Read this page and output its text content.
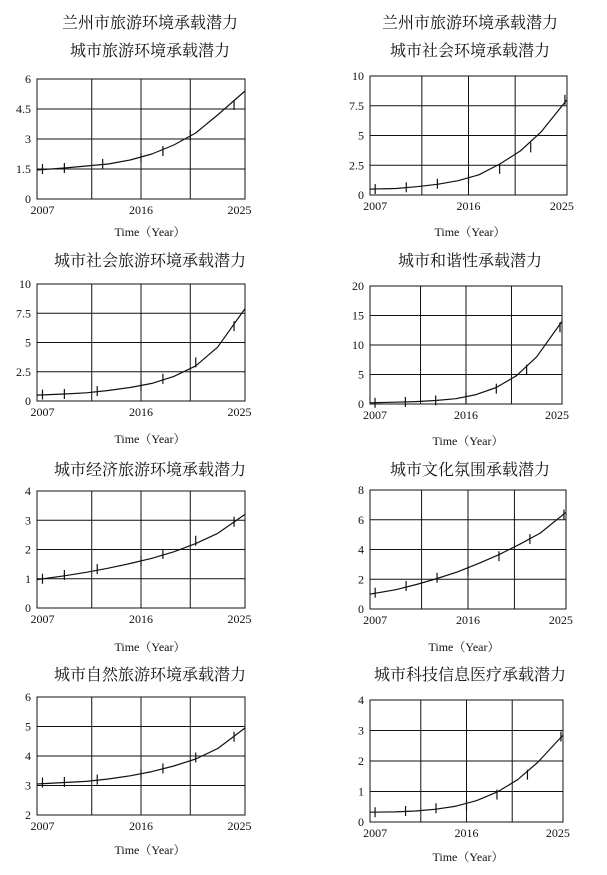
兰州市旅游环境承载潜力	兰州市旅游环境承载潜力
城市旅游环境承载潜力
0
1.5
3
4.5
6
2007	2016	2025
Time（Year）
城市社会环境承载潜力
0
2.5
5
7.5
10
2007	2016	2025
Time（Year）
城市社会旅游环境承载潜力
0
2.5
5
7.5
10
2007	2016	2025
Time（Year）
城市和谐性承载潜力
0
5
10
15
20
2007	2016	2025
Time（Year）
城市经济旅游环境承载潜力
0
1
2
3
4
2007	2016	2025
Time（Year）
城市文化氛围承载潜力
0
2
4
6
8
2007	2016	2025
Time（Year）
城市自然旅游环境承载潜力
2
3
4
5
6
2007	2016	2025
Time（Year）
城市科技信息医疗承载潜力
0
1
2
3
4
2007	2016	2025
Time（Year）
